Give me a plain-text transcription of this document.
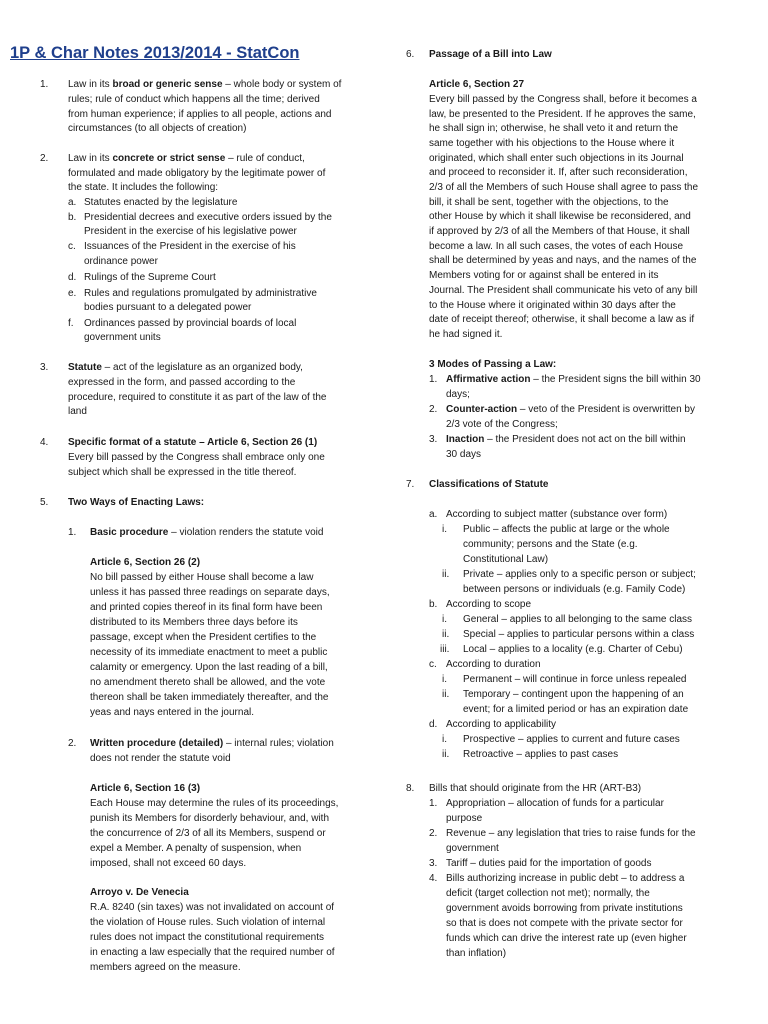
1P & Char Notes 2013/2014 - StatCon
1. Law in its broad or generic sense – whole body or system of
rules; rule of conduct which happens all the time; derived
from human experience; if applies to all people, actions and
circumstances (to all objects of creation)
2. Law in its concrete or strict sense – rule of conduct,
formulated and made obligatory by the legitimate power of
the state. It includes the following:
a. Statutes enacted by the legislature
b. Presidential decrees and executive orders issued by the
President in the exercise of his legislative power
c. Issuances of the President in the exercise of his
ordinance power
d. Rulings of the Supreme Court
e. Rules and regulations promulgated by administrative
bodies pursuant to a delegated power
f. Ordinances passed by provincial boards of local
government units
3. Statute – act of the legislature as an organized body,
expressed in the form, and passed according to the
procedure, required to constitute it as part of the law of the
land
4. Specific format of a statute – Article 6, Section 26 (1)
Every bill passed by the Congress shall embrace only one
subject which shall be expressed in the title thereof.
5. Two Ways of Enacting Laws:
1. Basic procedure – violation renders the statute void
Article 6, Section 26 (2)
No bill passed by either House shall become a law
unless it has passed three readings on separate days,
and printed copies thereof in its final form have been
distributed to its Members three days before its
passage, except when the President certifies to the
necessity of its immediate enactment to meet a public
calamity or emergency. Upon the last reading of a bill,
no amendment thereto shall be allowed, and the vote
thereon shall be taken immediately thereafter, and the
yeas and nays entered in the journal.
2. Written procedure (detailed) – internal rules; violation
does not render the statute void
Article 6, Section 16 (3)
Each House may determine the rules of its proceedings,
punish its Members for disorderly behaviour, and, with
the concurrence of 2/3 of all its Members, suspend or
expel a Member. A penalty of suspension, when
imposed, shall not exceed 60 days.
Arroyo v. De Venecia
R.A. 8240 (sin taxes) was not invalidated on account of
the violation of House rules. Such violation of internal
rules does not impact the constitutional requirements
in enacting a law especially that the required number of
members agreed on the measure.
6. Passage of a Bill into Law
Article 6, Section 27
Every bill passed by the Congress shall, before it becomes a
law, be presented to the President. If he approves the same,
he shall sign in; otherwise, he shall veto it and return the
same together with his objections to the House where it
originated, which shall enter such objections in its Journal
and proceed to reconsider it. If, after such reconsideration,
2/3 of all the Members of such House shall agree to pass the
bill, it shall be sent, together with the objections, to the
other House by which it shall likewise be reconsidered, and
if approved by 2/3 of all the Members of that House, it shall
become a law. In all such cases, the votes of each House
shall be determined by yeas and nays, and the names of the
Members voting for or against shall be entered in its
Journal. The President shall communicate his veto of any bill
to the House where it originated within 30 days after the
date of receipt thereof; otherwise, it shall become a law as if
he had signed it.
3 Modes of Passing a Law:
1. Affirmative action – the President signs the bill within 30
days;
2. Counter-action – veto of the President is overwritten by
2/3 vote of the Congress;
3. Inaction – the President does not act on the bill within
30 days
7. Classifications of Statute
a. According to subject matter (substance over form)
i. Public – affects the public at large or the whole
community; persons and the State (e.g.
Constitutional Law)
ii. Private – applies only to a specific person or subject;
between persons or individuals (e.g. Family Code)
b. According to scope
i. General – applies to all belonging to the same class
ii. Special – applies to particular persons within a class
iii. Local – applies to a locality (e.g. Charter of Cebu)
c. According to duration
i. Permanent – will continue in force unless repealed
ii. Temporary – contingent upon the happening of an
event; for a limited period or has an expiration date
d. According to applicability
i. Prospective – applies to current and future cases
ii. Retroactive – applies to past cases
8. Bills that should originate from the HR (ART-B3)
1. Appropriation – allocation of funds for a particular
purpose
2. Revenue – any legislation that tries to raise funds for the
government
3. Tariff – duties paid for the importation of goods
4. Bills authorizing increase in public debt – to address a
deficit (target collection not met); normally, the
government avoids borrowing from private institutions
so that is does not compete with the private sector for
funds which can drive the interest rate up (even higher
than inflation)
